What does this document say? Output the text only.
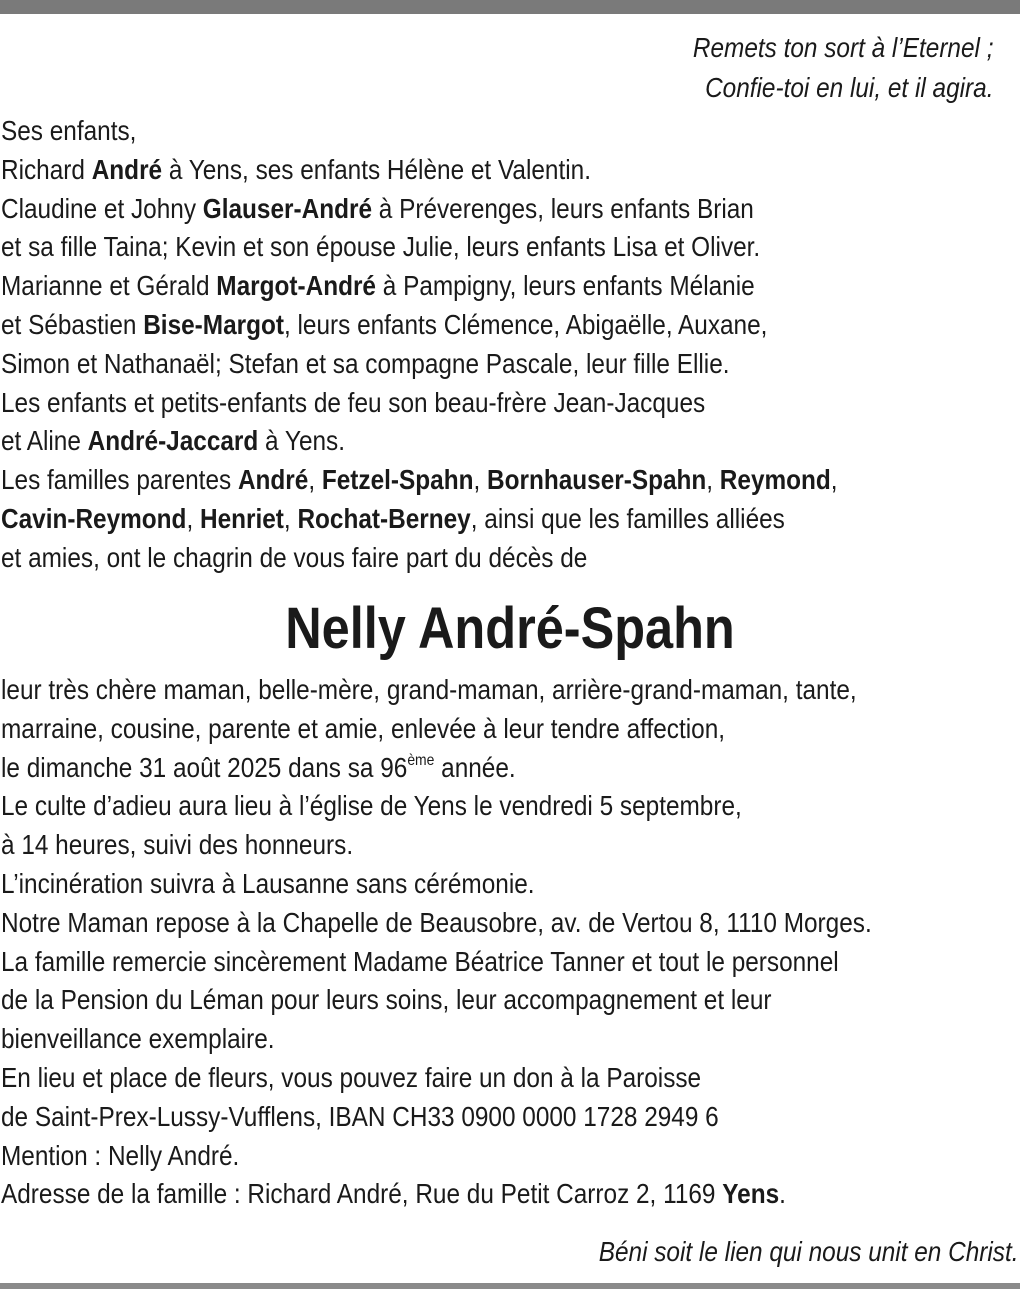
Remets ton sort à l’Eternel ;
Confie-toi en lui, et il agira.
Ses enfants,
Richard André à Yens, ses enfants Hélène et Valentin.
Claudine et Johny Glauser-André à Préverenges, leurs enfants Brian
et sa fille Taina; Kevin et son épouse Julie, leurs enfants Lisa et Oliver.
Marianne et Gérald Margot-André à Pampigny, leurs enfants Mélanie
et Sébastien Bise-Margot, leurs enfants Clémence, Abigaëlle, Auxane,
Simon et Nathanaël; Stefan et sa compagne Pascale, leur fille Ellie.
Les enfants et petits-enfants de feu son beau-frère Jean-Jacques
et Aline André-Jaccard à Yens.
Les familles parentes André, Fetzel-Spahn, Bornhauser-Spahn, Reymond,
Cavin-Reymond, Henriet, Rochat-Berney, ainsi que les familles alliées
et amies, ont le chagrin de vous faire part du décès de
Nelly André-Spahn
leur très chère maman, belle-mère, grand-maman, arrière-grand-maman, tante,
marraine, cousine, parente et amie, enlevée à leur tendre affection,
le dimanche 31 août 2025 dans sa 96ème année.
Le culte d’adieu aura lieu à l’église de Yens le vendredi 5 septembre,
à 14 heures, suivi des honneurs.
L’incinération suivra à Lausanne sans cérémonie.
Notre Maman repose à la Chapelle de Beausobre, av. de Vertou 8, 1110 Morges.
La famille remercie sincèrement Madame Béatrice Tanner et tout le personnel
de la Pension du Léman pour leurs soins, leur accompagnement et leur
bienveillance exemplaire.
En lieu et place de fleurs, vous pouvez faire un don à la Paroisse
de Saint-Prex-Lussy-Vufflens, IBAN CH33 0900 0000 1728 2949 6
Mention : Nelly André.
Adresse de la famille : Richard André, Rue du Petit Carroz 2, 1169 Yens.
Béni soit le lien qui nous unit en Christ.
